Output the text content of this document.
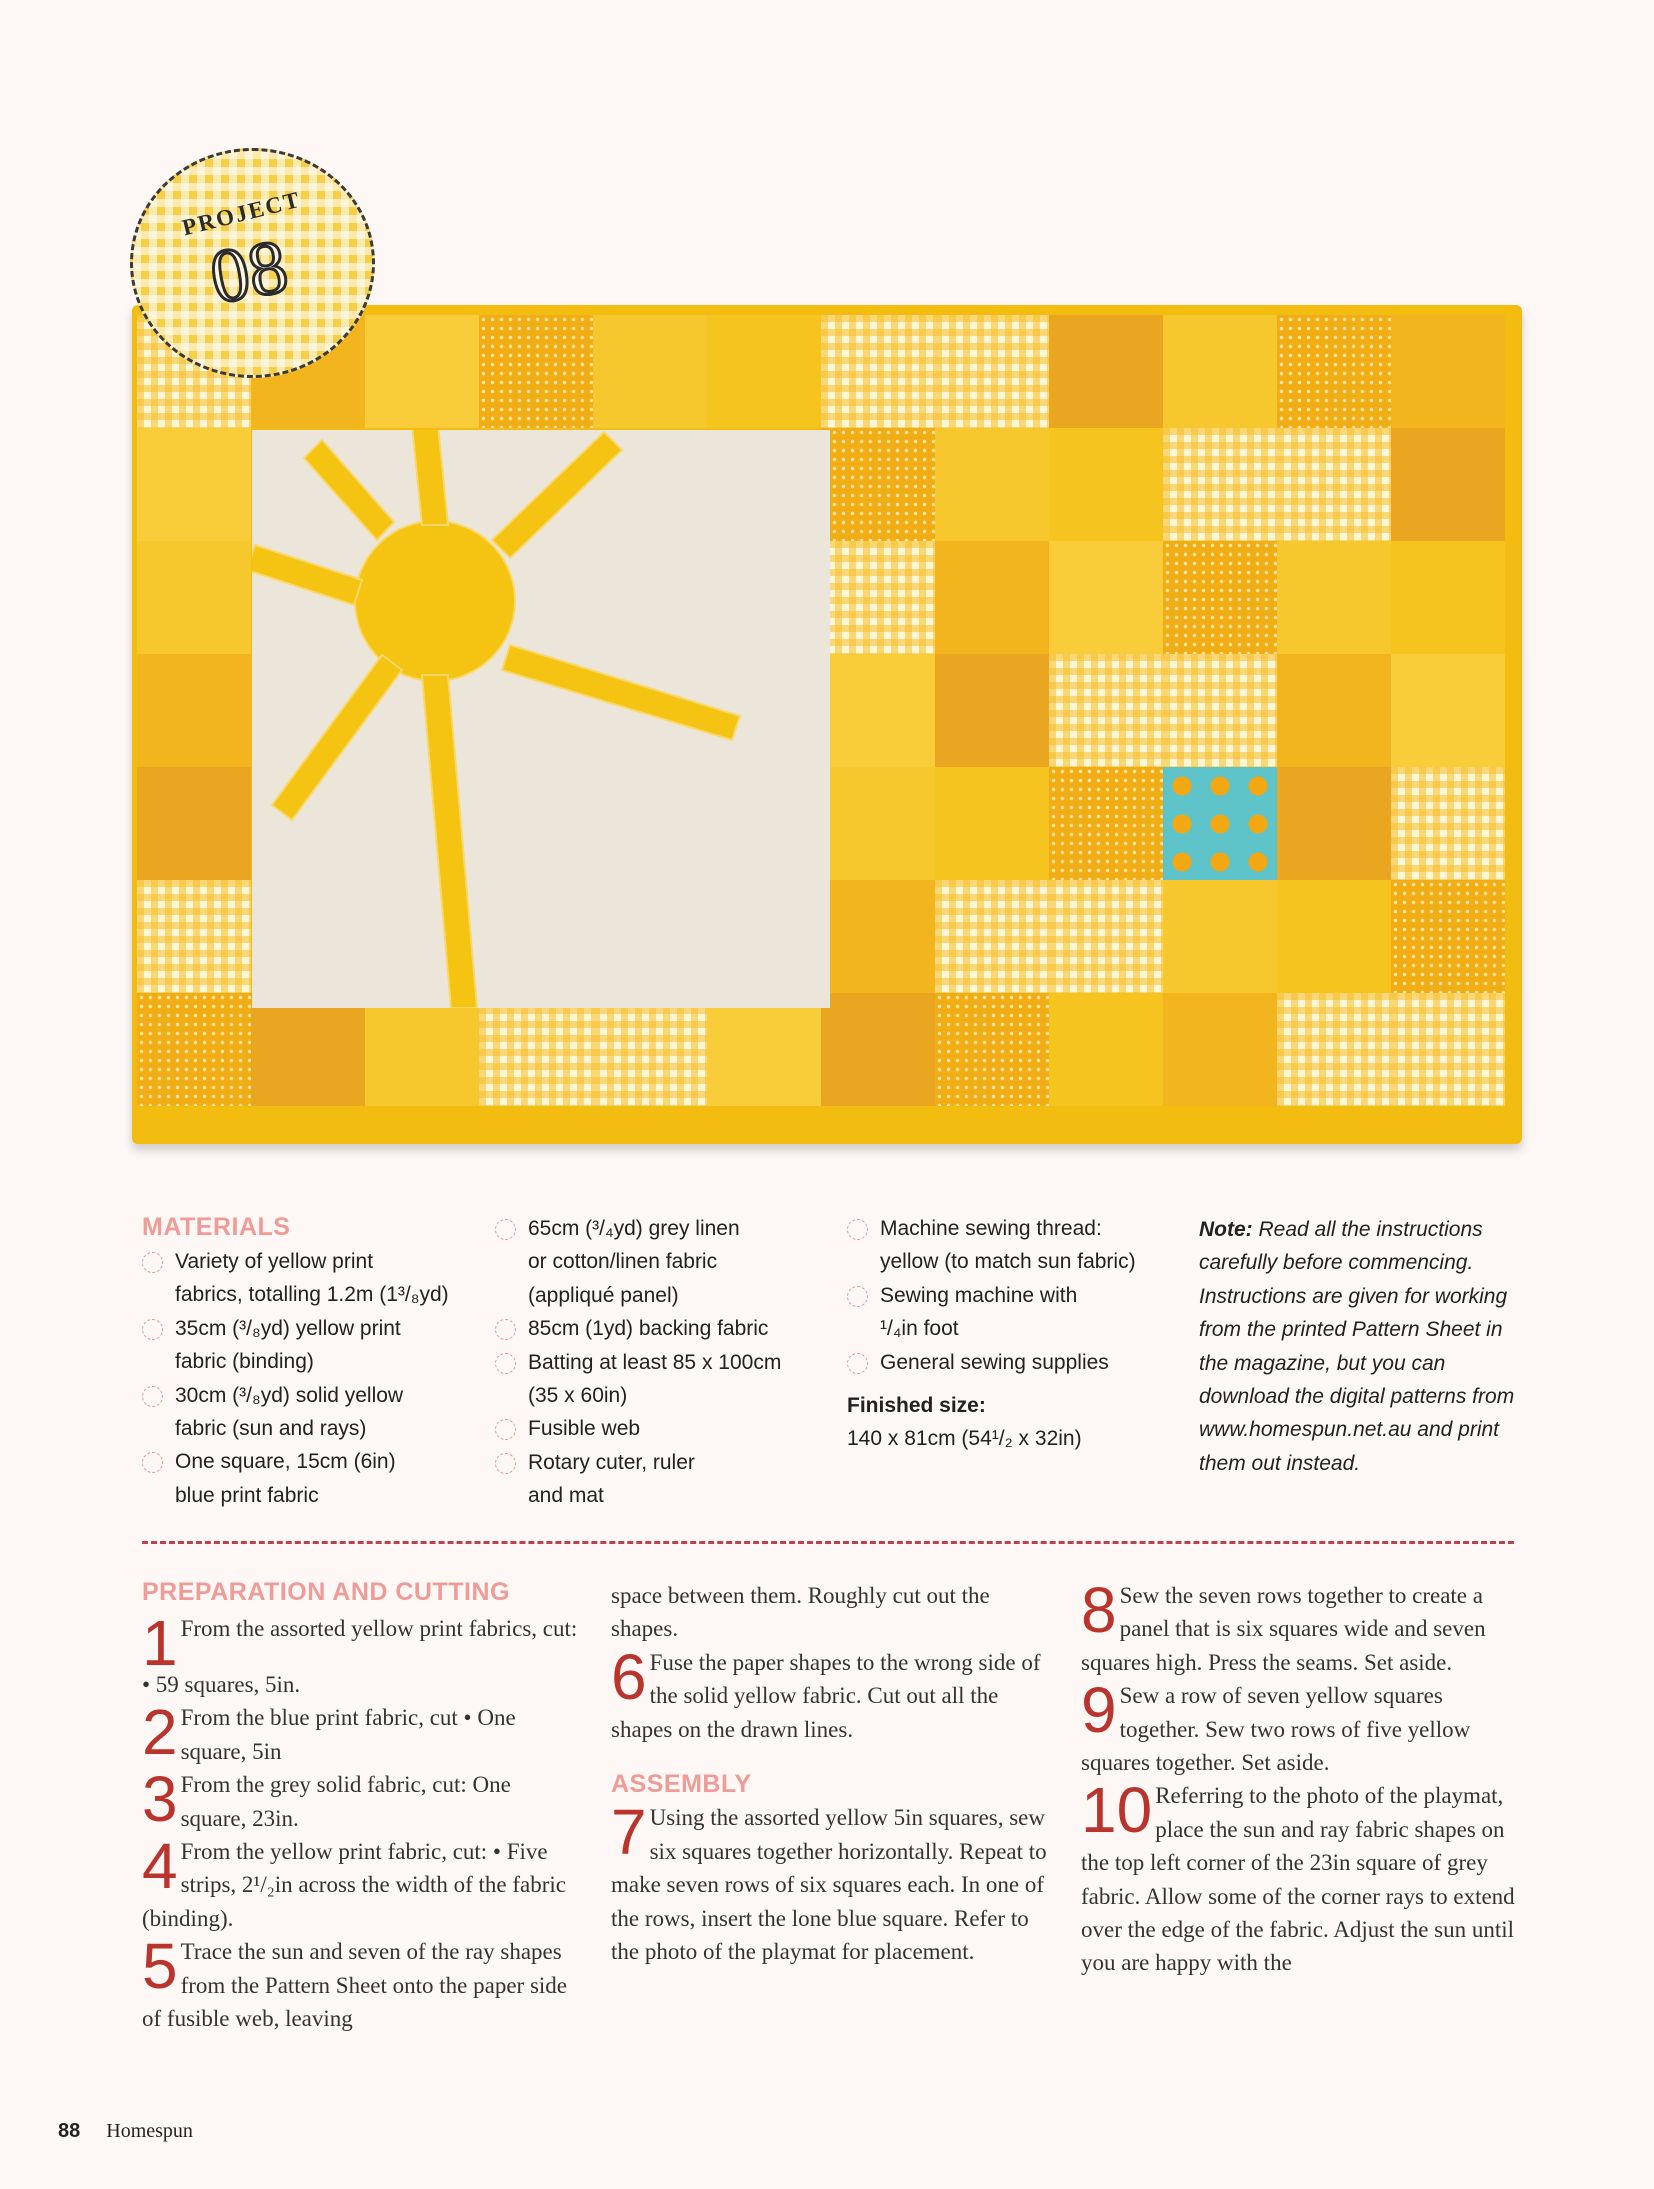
PROJECT
08
MATERIALS
Variety of yellow print
fabrics, totalling 1.2m (1³/₈yd)
35cm (³/₈yd) yellow print
fabric (binding)
30cm (³/₈yd) solid yellow
fabric (sun and rays)
One square, 15cm (6in)
blue print fabric
65cm (³/₄yd) grey linen
or cotton/linen fabric
(appliqué panel)
85cm (1yd) backing fabric
Batting at least 85 x 100cm
(35 x 60in)
Fusible web
Rotary cuter, ruler
and mat
Machine sewing thread:
yellow (to match sun fabric)
Sewing machine with
¹/₄in foot
General sewing supplies
Finished size:
140 x 81cm (54¹/₂ x 32in)
Note: Read all the instructions carefully before commencing. Instructions are given for working from the printed Pattern Sheet in the magazine, but you can download the digital patterns from www.homespun.net.au and print them out instead.
PREPARATION AND CUTTING

1 From the assorted yellow print fabrics, cut:

• 59 squares, 5in.

2 From the blue print fabric, cut • One square, 5in

3 From the grey solid fabric, cut: One square, 23in.

4 From the yellow print fabric, cut: • Five strips, 2¹/₂in across the width of the fabric (binding).

5 Trace the sun and seven of the ray shapes from the Pattern Sheet onto the paper side of fusible web, leaving

space between them. Roughly cut out the shapes.

6 Fuse the paper shapes to the wrong side of the solid yellow fabric. Cut out all the shapes on the drawn lines.

ASSEMBLY

7 Using the assorted yellow 5in squares, sew six squares together horizontally. Repeat to make seven rows of six squares each. In one of the rows, insert the lone blue square. Refer to the photo of the playmat for placement.

8 Sew the seven rows together to create a panel that is six squares wide and seven squares high. Press the seams. Set aside.

9 Sew a row of seven yellow squares together. Sew two rows of five yellow squares together. Set aside.

10 Referring to the photo of the playmat, place the sun and ray fabric shapes on the top left corner of the 23in square of grey fabric. Allow some of the corner rays to extend over the edge of the fabric. Adjust the sun until you are happy with the

88 Homespun
